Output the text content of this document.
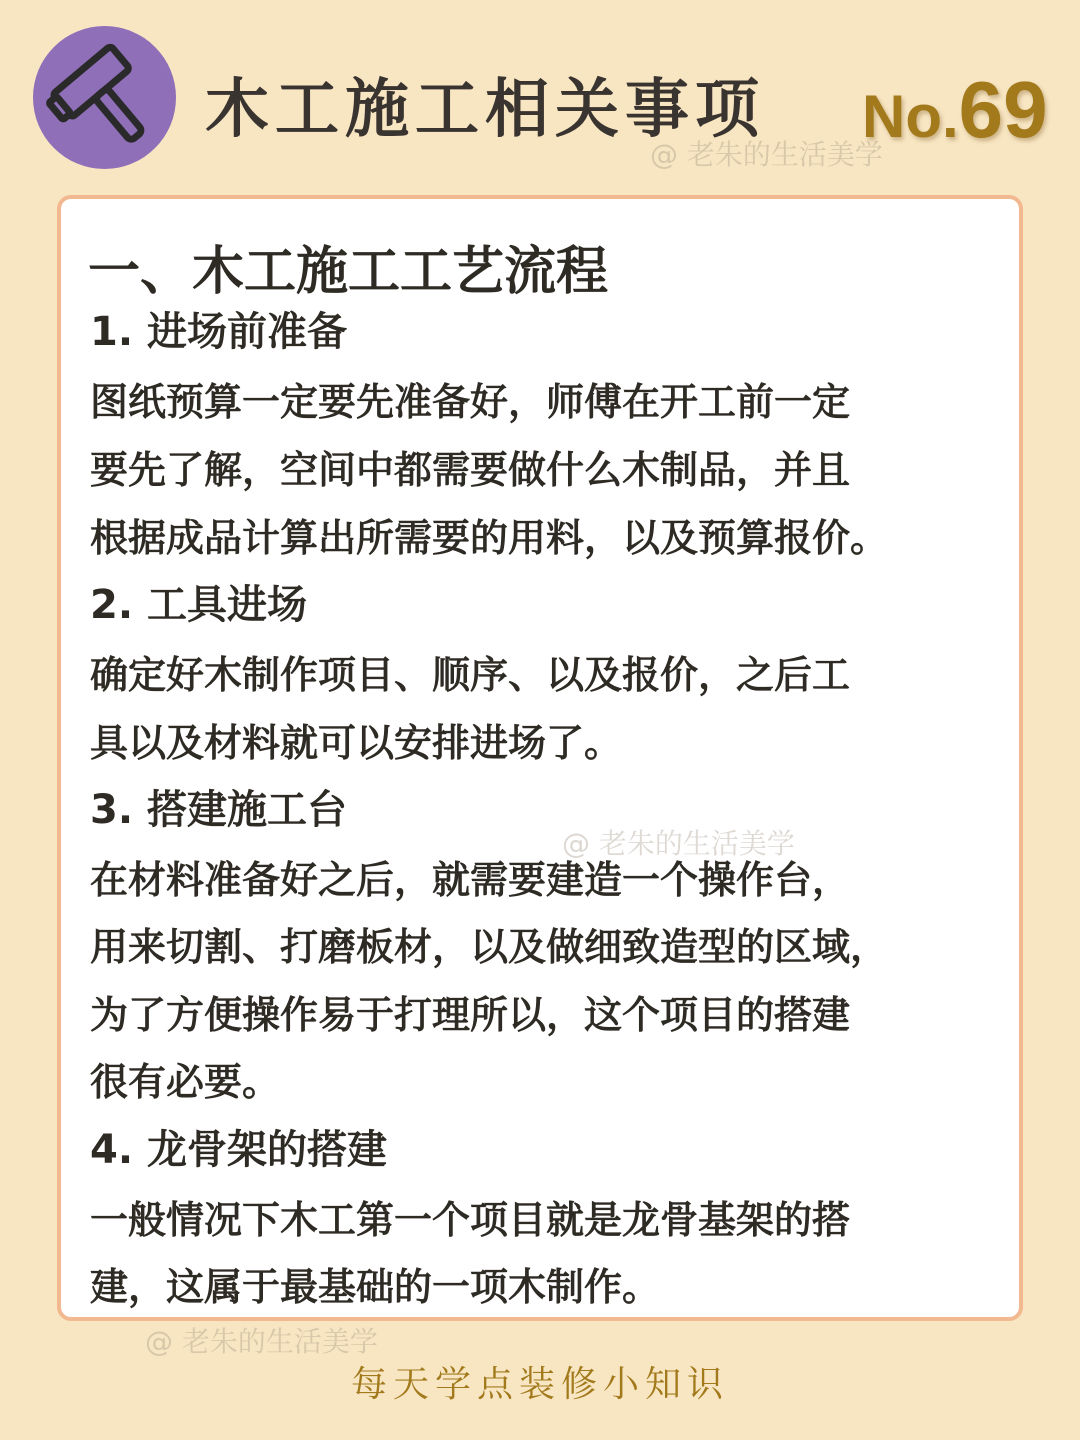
木工施工相关事项 No.69
@ 老朱的生活美学
一、木工施工工艺流程
1. 进场前准备
图纸预算一定要先准备好，师傅在开工前一定
要先了解，空间中都需要做什么木制品，并且
根据成品计算出所需要的用料，以及预算报价。
2. 工具进场
确定好木制作项目、顺序、以及报价，之后工
具以及材料就可以安排进场了。
3. 搭建施工台
在材料准备好之后，就需要建造一个操作台，
用来切割、打磨板材，以及做细致造型的区域，
为了方便操作易于打理所以，这个项目的搭建
很有必要。
4. 龙骨架的搭建
一般情况下木工第一个项目就是龙骨基架的搭
建，这属于最基础的一项木制作。
@ 老朱的生活美学
@ 老朱的生活美学
每天学点装修小知识
